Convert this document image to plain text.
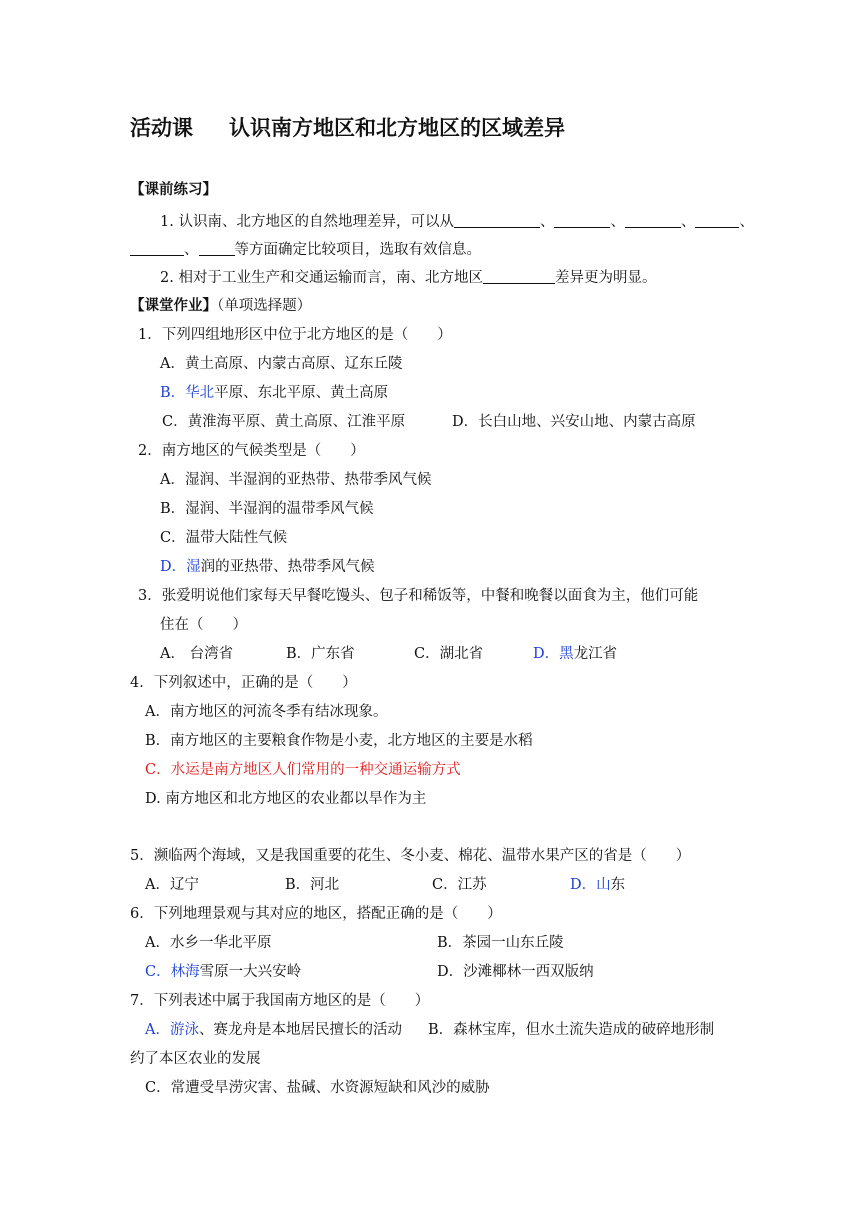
活动课 认识南方地区和北方地区的区域差异
【课前练习】
1. 认识南、北方地区的自然地理差异，可以从	、	、	、	、
、 等方面确定比较项目，选取有效信息。
2. 相对于工业生产和交通运输而言，南、北方地区	差异更为明显。
【课堂作业】（单项选择题）
1．下列四组地形区中位于北方地区的是（　　）
A．黄土高原、内蒙古高原、辽东丘陵
B．华北平原、东北平原、黄土高原
C．黄淮海平原、黄土高原、江淮平原	D．长白山地、兴安山地、内蒙古高原
2．南方地区的气候类型是（　　）
A．湿润、半湿润的亚热带、热带季风气候
B．湿润、半湿润的温带季风气候
C．温带大陆性气候
D．湿润的亚热带、热带季风气候
3．张爱明说他们家每天早餐吃馒头、包子和稀饭等，中餐和晚餐以面食为主，他们可能
住在（　　）
A． 台湾省	B．广东省	C．湖北省	D．黑龙江省
4．下列叙述中，正确的是（　　）
A．南方地区的河流冬季有结冰现象。
B．南方地区的主要粮食作物是小麦，北方地区的主要是水稻
C．水运是南方地区人们常用的一种交通运输方式
D. 南方地区和北方地区的农业都以旱作为主
5．濒临两个海域，又是我国重要的花生、冬小麦、棉花、温带水果产区的省是（　　）
A．辽宁	B．河北	C．江苏	D．山东
6．下列地理景观与其对应的地区，搭配正确的是（　　）
A．水乡一华北平原	B．茶园一山东丘陵
C．林海雪原一大兴安岭	D．沙滩椰林一西双版纳
7．下列表述中属于我国南方地区的是（　　）
A．游泳、赛龙舟是本地居民擅长的活动 B．森林宝库，但水土流失造成的破碎地形制
约了本区农业的发展
C．常遭受旱涝灾害、盐碱、水资源短缺和风沙的威胁
